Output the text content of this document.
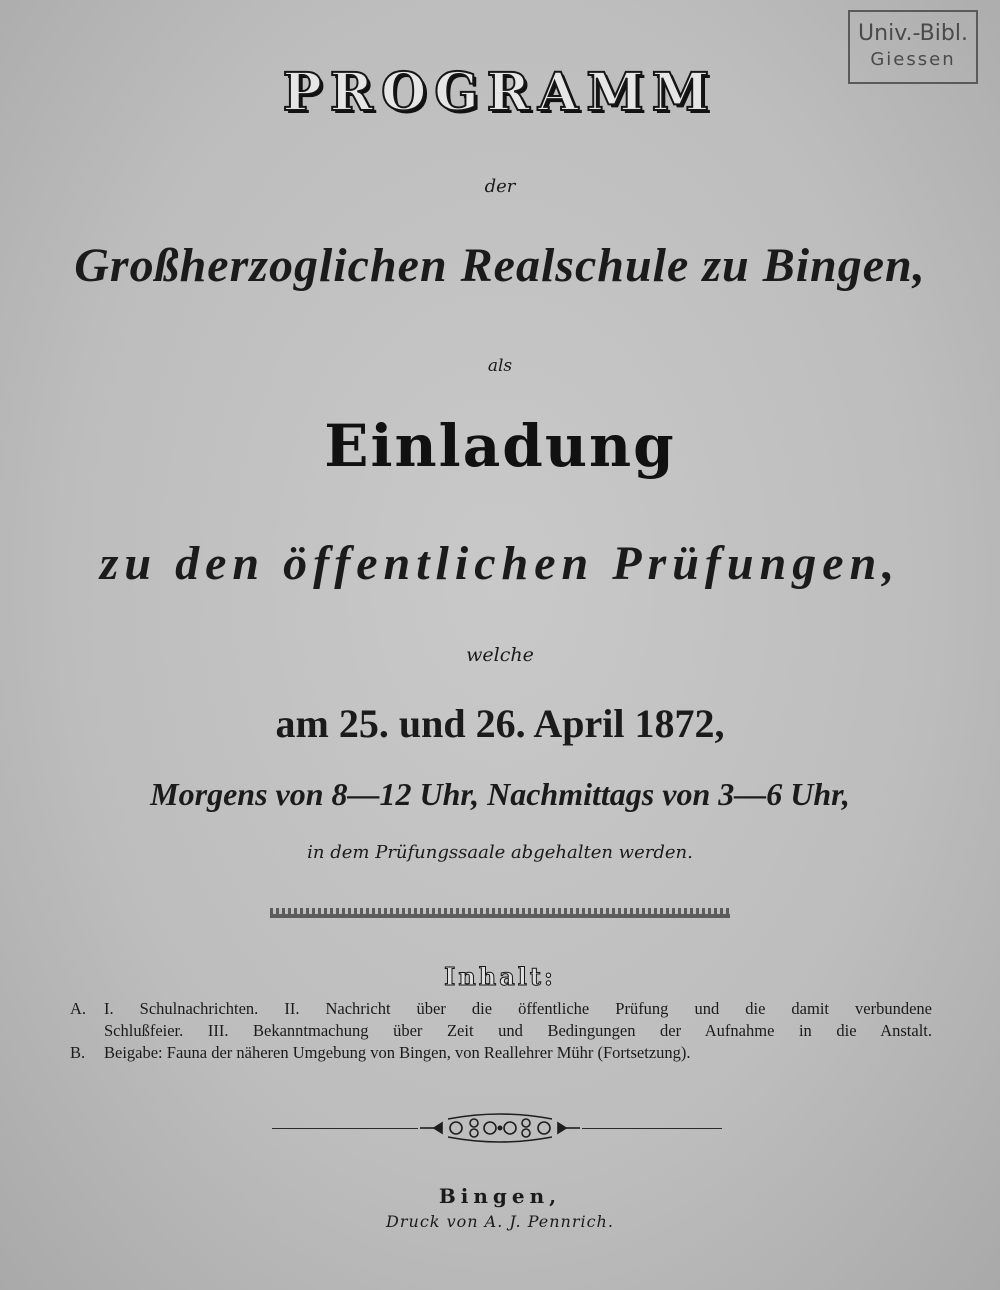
Univ.-Bibl.
Giessen
PROGRAMM
der
Großherzoglichen Realschule zu Bingen,
als
Einladung
zu den öffentlichen Prüfungen,
welche
am 25. und 26. April 1872,
Morgens von 8—12 Uhr, Nachmittags von 3—6 Uhr,
in dem Prüfungssaale abgehalten werden.
Inhalt:
A.	I. Schulnachrichten. II. Nachricht über die öffentliche Prüfung und die damit verbundene
Schlußfeier. III. Bekanntmachung über Zeit und Bedingungen der Aufnahme in die Anstalt.
B.	Beigabe: Fauna der näheren Umgebung von Bingen, von Reallehrer Mühr (Fortsetzung).
Bingen,
Druck von A. J. Pennrich.
